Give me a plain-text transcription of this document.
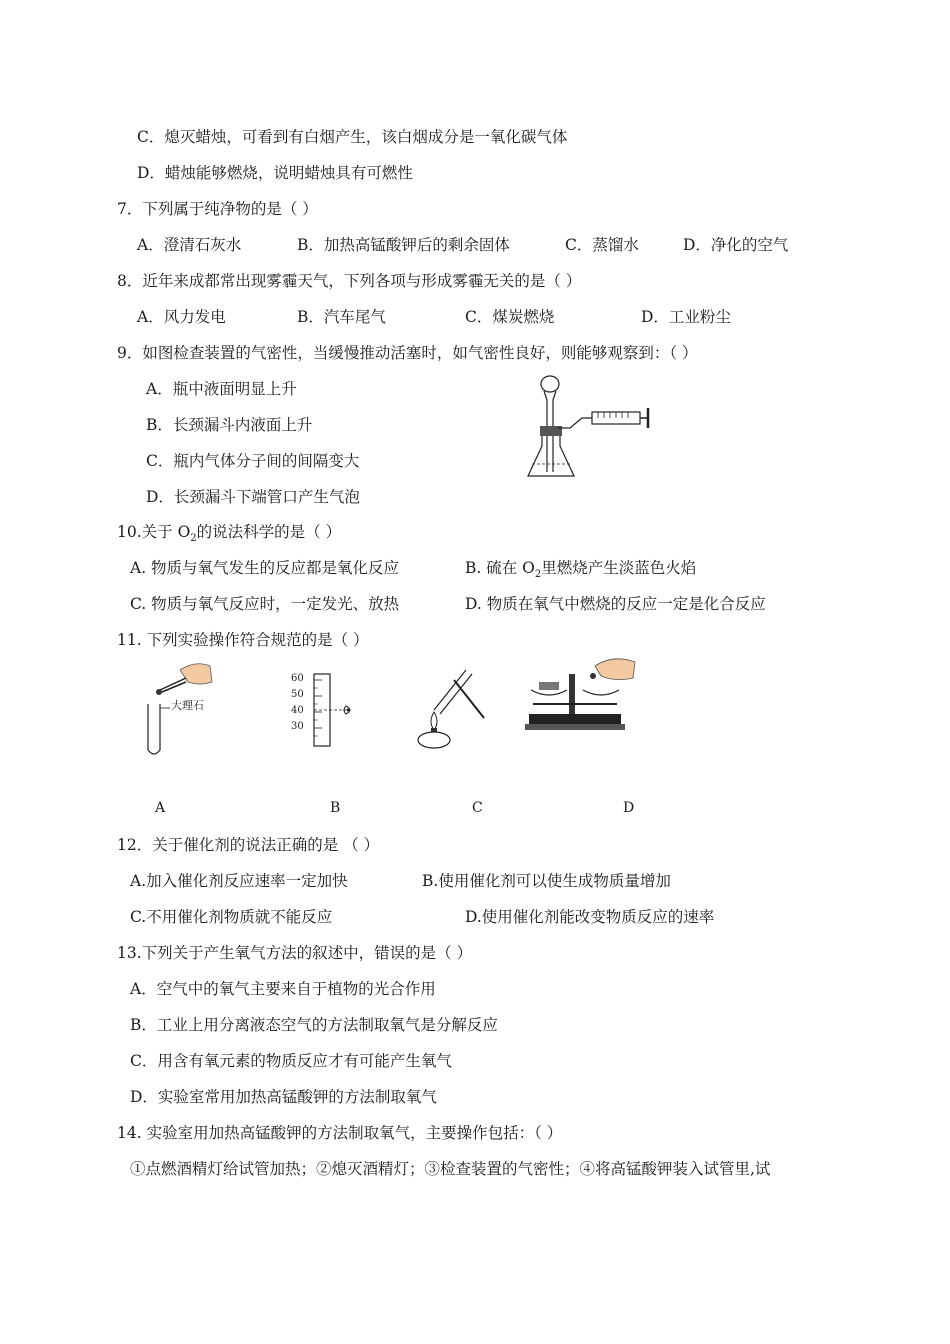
C．熄灭蜡烛，可看到有白烟产生，该白烟成分是一氧化碳气体
D．蜡烛能够燃烧，说明蜡烛具有可燃性
7．下列属于纯净物的是（ ）
A．澄清石灰水	B．加热高锰酸钾后的剩余固体	C．蒸馏水	D．净化的空气
8．近年来成都常出现雾霾天气，下列各项与形成雾霾无关的是（ ）
A．风力发电	B．汽车尾气	C．煤炭燃烧	D．工业粉尘
9．如图检查装置的气密性，当缓慢推动活塞时，如气密性良好，则能够观察到：（ ）
A．瓶中液面明显上升
B．长颈漏斗内液面上升
C．瓶内气体分子间的间隔变大
D．长颈漏斗下端管口产生气泡
10.关于 $O_2$的说法科学的是（ ）
A. 物质与氧气发生的反应都是氧化反应	B. 硫在 $O_2$里燃烧产生淡蓝色火焰
C. 物质与氧气反应时，一定发光、放热	D. 物质在氧气中燃烧的反应一定是化合反应
11. 下列实验操作符合规范的是（ ）
大理石
60
50
40
30
A	B	C	D
12．关于催化剂的说法正确的是 （ ）
A.加入催化剂反应速率一定加快	B.使用催化剂可以使生成物质量增加
C.不用催化剂物质就不能反应	D.使用催化剂能改变物质反应的速率
13.下列关于产生氧气方法的叙述中，错误的是（ ）
A．空气中的氧气主要来自于植物的光合作用
B．工业上用分离液态空气的方法制取氧气是分解反应
C．用含有氧元素的物质反应才有可能产生氧气
D．实验室常用加热高锰酸钾的方法制取氧气
14. 实验室用加热高锰酸钾的方法制取氧气，主要操作包括：（ ）
①点燃酒精灯给试管加热；②熄灭酒精灯；③检查装置的气密性；④将高锰酸钾装入试管里,试
